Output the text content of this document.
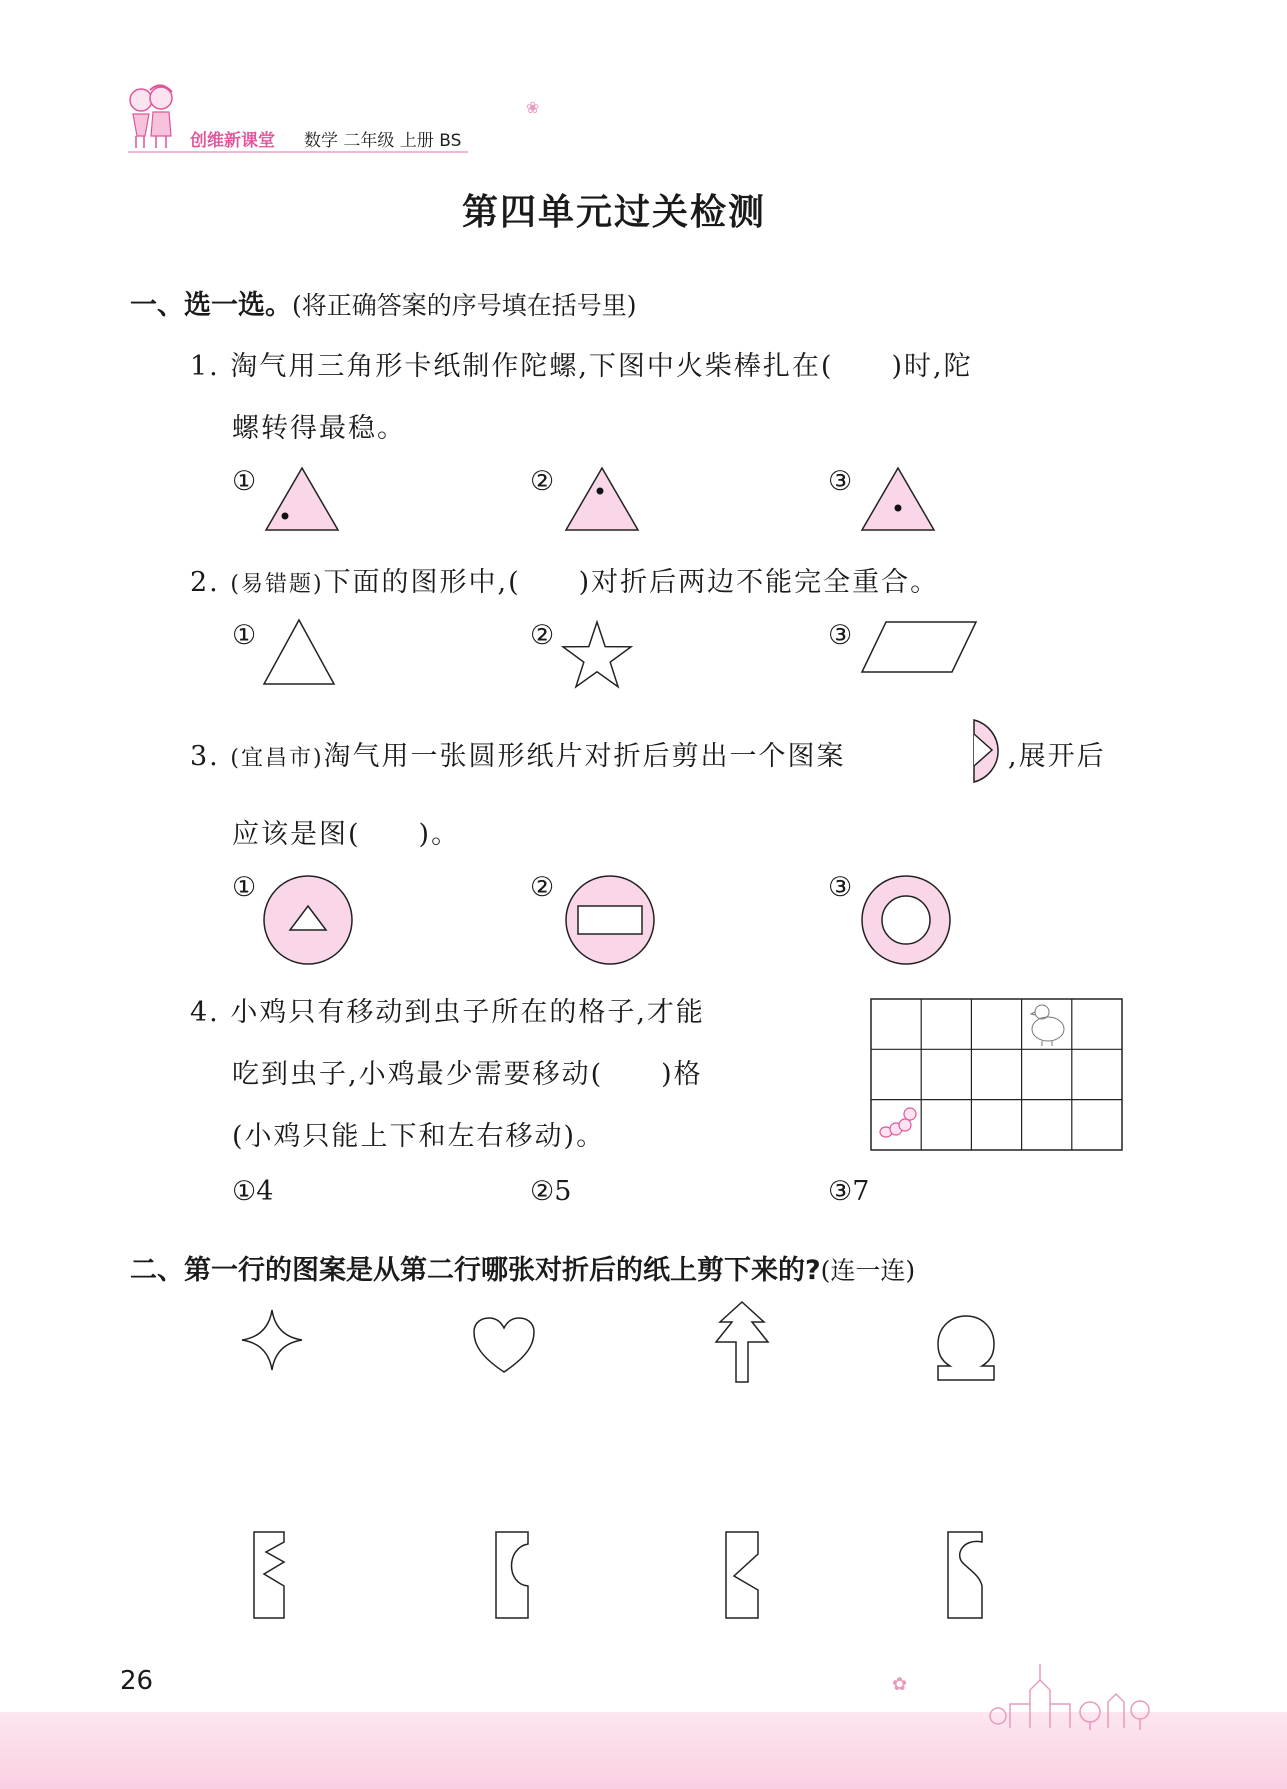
创维新课堂 数学 二年级 上册 BS
❀
第四单元过关检测
一、选一选。(将正确答案的序号填在括号里)
1. 淘气用三角形卡纸制作陀螺,下图中火柴棒扎在(　　)时,陀
螺转得最稳。
①	②	③
2. (易错题)下面的图形中,(　　)对折后两边不能完全重合。
①	②	③
3. (宜昌市)淘气用一张圆形纸片对折后剪出一个图案	,展开后
应该是图(　　)。
①	②	③
4. 小鸡只有移动到虫子所在的格子,才能
吃到虫子,小鸡最少需要移动(　　)格
(小鸡只能上下和左右移动)。
①4	②5	③7
二、第一行的图案是从第二行哪张对折后的纸上剪下来的?(连一连)
26	✿
